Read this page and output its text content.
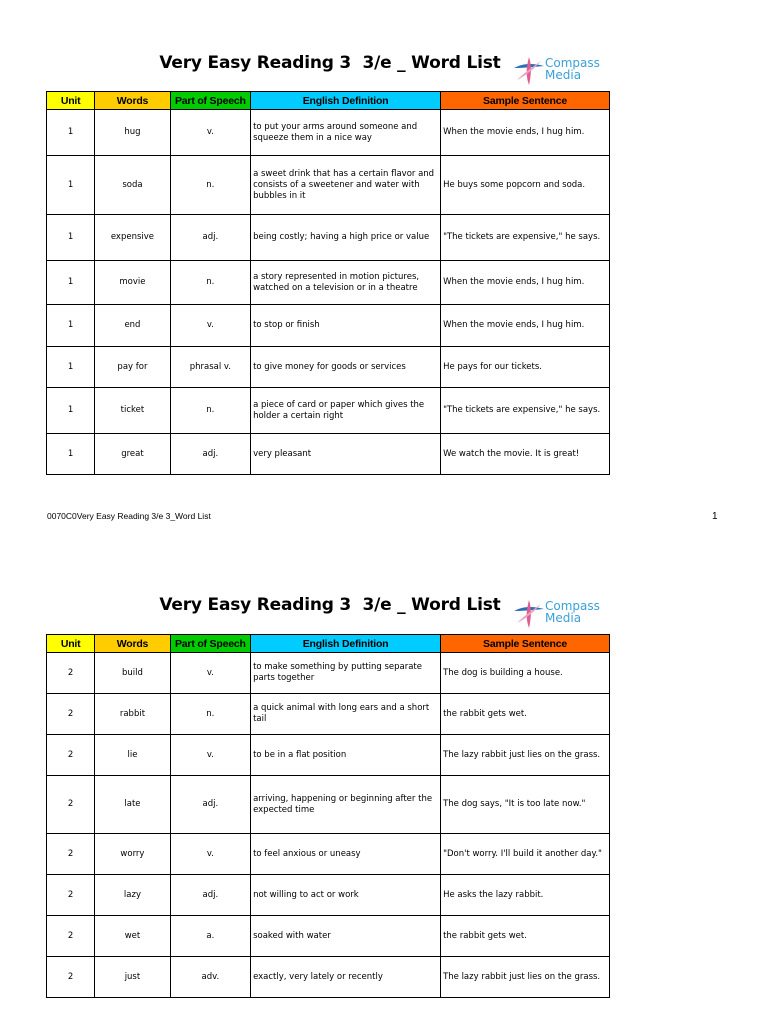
Very Easy Reading 3  3/e _ Word List	Compass
Media
Unit	Words	Part of Speech	English Definition	Sample Sentence
1	hug	v.	to put your arms around someone and squeeze them in a nice way	When the movie ends, I hug him.
1	soda	n.	a sweet drink that has a certain flavor and consists of a sweetener and water with bubbles in it	He buys some popcorn and soda.
1	expensive	adj.	being costly; having a high price or value	"The tickets are expensive," he says.
1	movie	n.	a story represented in motion pictures, watched on a television or in a theatre	When the movie ends, I hug him.
1	end	v.	to stop or finish	When the movie ends, I hug him.
1	pay for	phrasal v.	to give money for goods or services	He pays for our tickets.
1	ticket	n.	a piece of card or paper which gives the holder a certain right	"The tickets are expensive," he says.
1	great	adj.	very pleasant	We watch the movie. It is great!
0070C0Very Easy Reading 3/e 3_Word List	1
Very Easy Reading 3  3/e _ Word List	Compass
Media
Unit	Words	Part of Speech	English Definition	Sample Sentence
2	build	v.	to make something by putting separate parts together	The dog is building a house.
2	rabbit	n.	a quick animal with long ears and a short tail	the rabbit gets wet.
2	lie	v.	to be in a flat position	The lazy rabbit just lies on the grass.
2	late	adj.	arriving, happening or beginning after the expected time	The dog says, "It is too late now."
2	worry	v.	to feel anxious or uneasy	"Don't worry. I'll build it another day."
2	lazy	adj.	not willing to act or work	He asks the lazy rabbit.
2	wet	a.	soaked with water	the rabbit gets wet.
2	just	adv.	exactly, very lately or recently	The lazy rabbit just lies on the grass.
